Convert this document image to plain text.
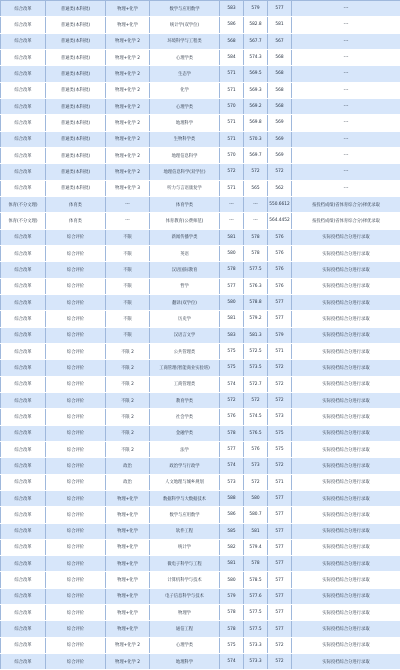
综合改革	普通类(本科批)	物理+化学	数学与应用数学	583	579	577	---
综合改革	普通类(本科批)	物理+化学	统计学(双学位)	586	582.8	581	---
综合改革	普通类(本科批)	物理+化学 2	环境科学与工程类	568	567.7	567	---
综合改革	普通类(本科批)	物理+化学 2	心理学类	584	574.3	568	---
综合改革	普通类(本科批)	物理+化学 2	生态学	571	569.5	568	---
综合改革	普通类(本科批)	物理+化学 2	化学	571	569.3	568	---
综合改革	普通类(本科批)	物理+化学 2	心理学类	570	569.2	568	---
综合改革	普通类(本科批)	物理+化学 2	地理科学	571	569.8	569	---
综合改革	普通类(本科批)	物理+化学 2	生物科学类	571	570.3	569	---
综合改革	普通类(本科批)	物理+化学 2	地理信息科学	570	569.7	569	---
综合改革	普通类(本科批)	物理+化学 2	地理信息科学(双学位)	572	572	572	---
综合改革	普通类(本科批)	物理+化学 3	听力与言语康复学	571	565	562	---
体育(不分文理)	体育类	---	体育学类	---	---	550.6612	按投档成绩(省体育综合分)择优录取
体育(不分文理)	体育类	---	体育教育(公费师范)	---	---	564.4452	按投档成绩(省体育综合分)择优录取
综合改革	综合评价	不限	新闻传播学类	581	578	576	实际投档综合分进行录取
综合改革	综合评价	不限	英语	580	578	576	实际投档综合分进行录取
综合改革	综合评价	不限	汉语国际教育	578	577.5	576	实际投档综合分进行录取
综合改革	综合评价	不限	哲学	577	576.3	576	实际投档综合分进行录取
综合改革	综合评价	不限	翻译(双学位)	580	578.8	577	实际投档综合分进行录取
综合改革	综合评价	不限	历史学	581	579.2	577	实际投档综合分进行录取
综合改革	综合评价	不限	汉语言文学	583	581.3	579	实际投档综合分进行录取
综合改革	综合评价	不限 2	公共管理类	575	572.5	571	实际投档综合分进行录取
综合改革	综合评价	不限 2	工商管理(智能商业实验班)	575	573.5	572	实际投档综合分进行录取
综合改革	综合评价	不限 2	工商管理类	574	572.7	572	实际投档综合分进行录取
综合改革	综合评价	不限 2	教育学类	572	572	572	实际投档综合分进行录取
综合改革	综合评价	不限 2	社会学类	576	574.5	573	实际投档综合分进行录取
综合改革	综合评价	不限 2	金融学类	578	576.5	575	实际投档综合分进行录取
综合改革	综合评价	不限 2	法学	577	576	575	实际投档综合分进行录取
综合改革	综合评价	政治	政治学与行政学	574	573	572	实际投档综合分进行录取
综合改革	综合评价	政治	人文地理与城乡规划	573	572	571	实际投档综合分进行录取
综合改革	综合评价	物理+化学	数据科学与大数据技术	588	580	577	实际投档综合分进行录取
综合改革	综合评价	物理+化学	数学与应用数学	586	580.7	577	实际投档综合分进行录取
综合改革	综合评价	物理+化学	软件工程	585	581	577	实际投档综合分进行录取
综合改革	综合评价	物理+化学	统计学	582	579.4	577	实际投档综合分进行录取
综合改革	综合评价	物理+化学	微电子科学与工程	581	578	577	实际投档综合分进行录取
综合改革	综合评价	物理+化学	计算机科学与技术	580	578.5	577	实际投档综合分进行录取
综合改革	综合评价	物理+化学	电子信息科学与技术	579	577.6	577	实际投档综合分进行录取
综合改革	综合评价	物理+化学	物理学	578	577.5	577	实际投档综合分进行录取
综合改革	综合评价	物理+化学	通信工程	578	577.5	577	实际投档综合分进行录取
综合改革	综合评价	物理+化学 2	心理学类	575	573.3	572	实际投档综合分进行录取
综合改革	综合评价	物理+化学 2	地理科学	574	573.3	572	实际投档综合分进行录取
